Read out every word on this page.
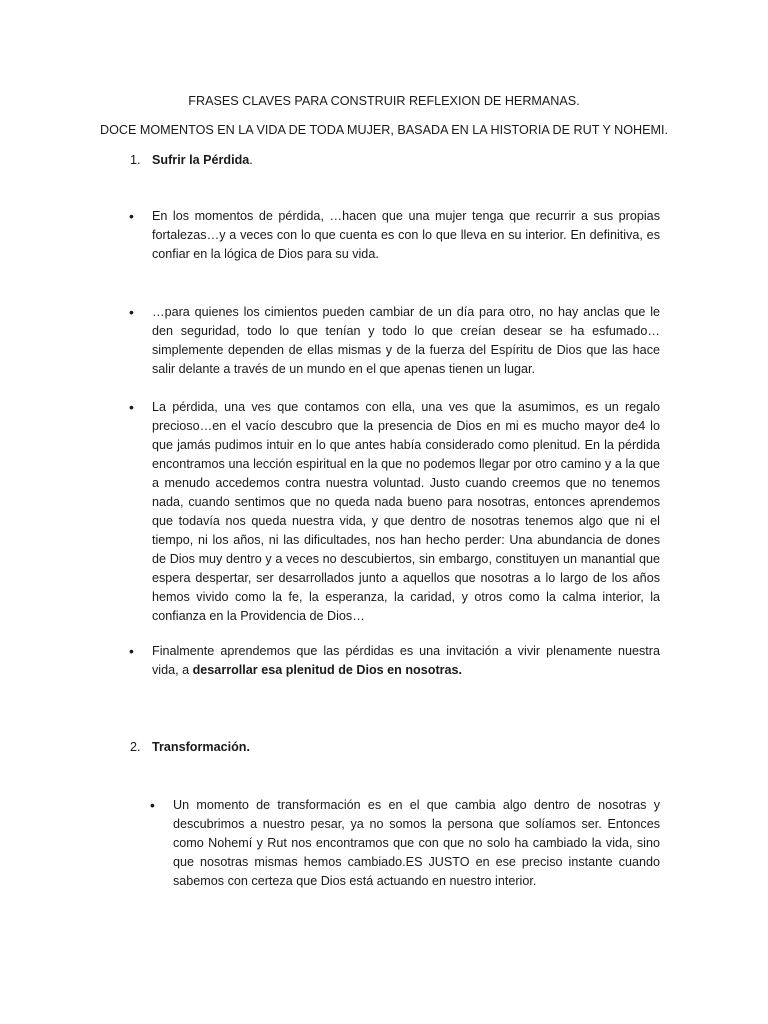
FRASES CLAVES PARA CONSTRUIR REFLEXION DE HERMANAS.
DOCE MOMENTOS EN LA VIDA DE TODA MUJER, BASADA EN LA HISTORIA DE RUT Y NOHEMI.
1. Sufrir la Pérdida.
• En los momentos de pérdida, …hacen que una mujer tenga que recurrir a sus propias fortalezas…y a veces con lo que cuenta es con lo que lleva en su interior. En definitiva, es confiar en la lógica de Dios para su vida.
• …para quienes los cimientos pueden cambiar de un día para otro, no hay anclas que le den seguridad, todo lo que tenían y todo lo que creían desear se ha esfumado…simplemente dependen de ellas mismas y de la fuerza del Espíritu de Dios que las hace salir delante a través de un mundo en el que apenas tienen un lugar.
• La pérdida, una ves que contamos con ella, una ves que la asumimos, es un regalo precioso…en el vacío descubro que la presencia de Dios en mi es mucho mayor de4 lo que jamás pudimos intuir en lo que antes había considerado como plenitud. En la pérdida encontramos una lección espiritual en la que no podemos llegar por otro camino y a la que a menudo accedemos contra nuestra voluntad. Justo cuando creemos que no tenemos nada, cuando sentimos que no queda nada bueno para nosotras, entonces aprendemos que todavía nos queda nuestra vida, y que dentro de nosotras tenemos algo que ni el tiempo, ni los años, ni las dificultades, nos han hecho perder: Una abundancia de dones de Dios muy dentro y a veces no descubiertos, sin embargo, constituyen un manantial que espera despertar, ser desarrollados junto a aquellos que nosotras a lo largo de los años hemos vivido como la fe, la esperanza, la caridad, y otros como la calma interior, la confianza en la Providencia de Dios…
• Finalmente aprendemos que las pérdidas es una invitación a vivir plenamente nuestra vida, a desarrollar esa plenitud de Dios en nosotras.
2. Transformación.
• Un momento de transformación es en el que cambia algo dentro de nosotras y descubrimos a nuestro pesar, ya no somos la persona que solíamos ser. Entonces como Nohemí y Rut nos encontramos que con que no solo ha cambiado la vida, sino que nosotras mismas hemos cambiado.ES JUSTO en ese preciso instante cuando sabemos con certeza que Dios está actuando en nuestro interior.
